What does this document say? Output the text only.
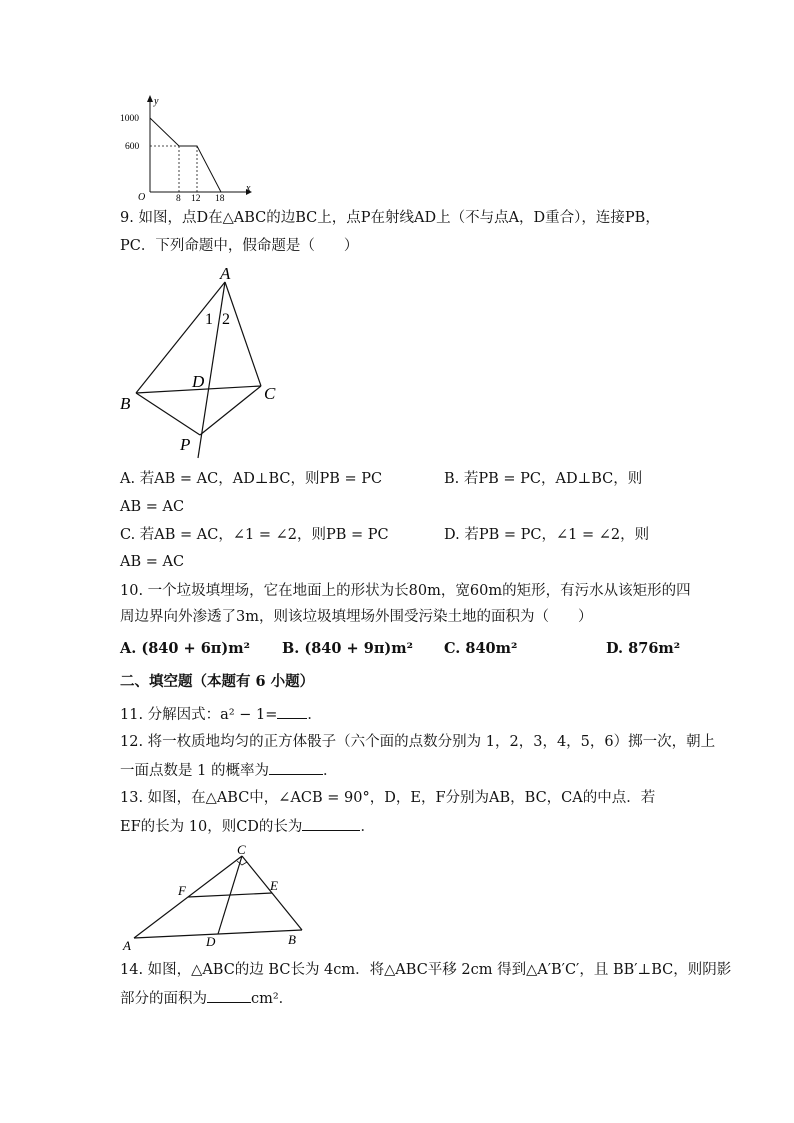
y
x
O
1000
600
8 12 18
9. 如图，点D在△ABC的边BC上，点P在射线AD上（不与点A，D重合），连接PB，
PC．下列命题中，假命题是（　　）
A
B
C
D
P
1 2
A. 若AB = AC，AD⊥BC，则PB = PC	B. 若PB = PC，AD⊥BC，则
AB = AC
C. 若AB = AC，∠1 = ∠2，则PB = PC	D. 若PB = PC，∠1 = ∠2，则
AB = AC
10. 一个垃圾填埋场，它在地面上的形状为长80m，宽60m的矩形，有污水从该矩形的四
周边界向外渗透了3m，则该垃圾填埋场外围受污染土地的面积为（　　）
A. (840 + 6π)m² B. (840 + 9π)m² C. 840m²	D. 876m²
二、填空题（本题有 6 小题）
11. 分解因式：a² − 1= ．
12. 将一枚质地均匀的正方体骰子（六个面的点数分别为 1，2，3，4，5，6）掷一次，朝上
一面点数是 1 的概率为	．
13. 如图，在△ABC中，∠ACB = 90°，D，E，F分别为AB，BC，CA的中点．若
EF的长为 10，则CD的长为	．
C
F	E
A	D	B
14. 如图，△ABC的边 BC长为 4cm．将△ABC平移 2cm 得到△A′B′C′，且 BB′⊥BC，则阴影
部分的面积为	cm²．
